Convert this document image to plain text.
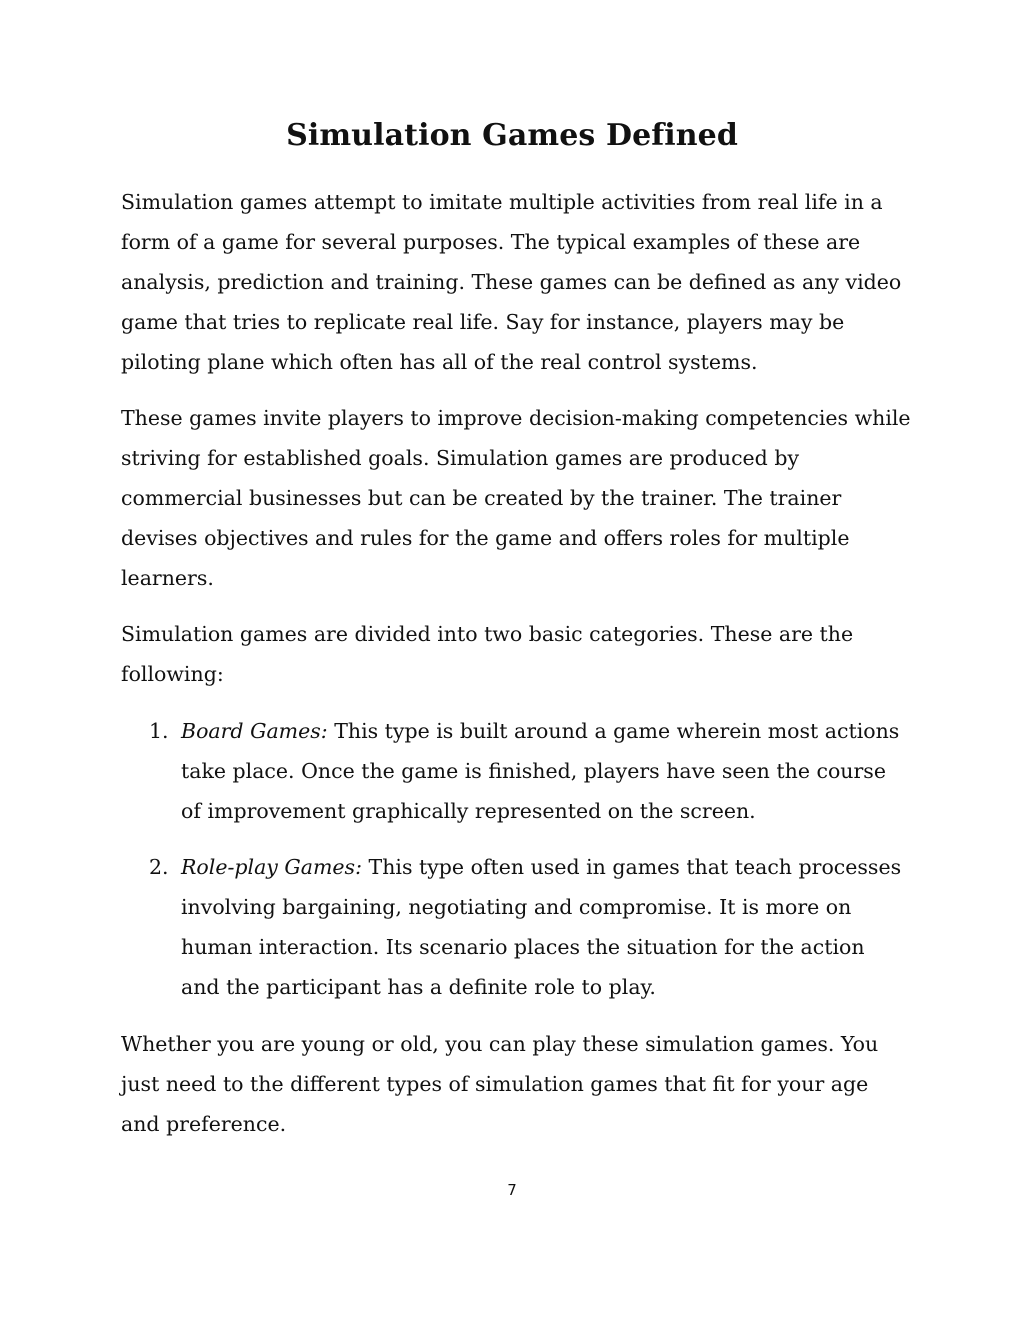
Simulation Games Defined

Simulation games attempt to imitate multiple activities from real life in a form of a game for several purposes. The typical examples of these are analysis, prediction and training. These games can be defined as any video game that tries to replicate real life. Say for instance, players may be piloting plane which often has all of the real control systems.

These games invite players to improve decision-making competencies while striving for established goals. Simulation games are produced by commercial businesses but can be created by the trainer. The trainer devises objectives and rules for the game and offers roles for multiple learners.

Simulation games are divided into two basic categories. These are the following:

1. Board Games: This type is built around a game wherein most actions take place. Once the game is finished, players have seen the course of improvement graphically represented on the screen.
2. Role-play Games: This type often used in games that teach processes involving bargaining, negotiating and compromise. It is more on human interaction. Its scenario places the situation for the action and the participant has a definite role to play.

Whether you are young or old, you can play these simulation games. You just need to the different types of simulation games that fit for your age and preference.

7
